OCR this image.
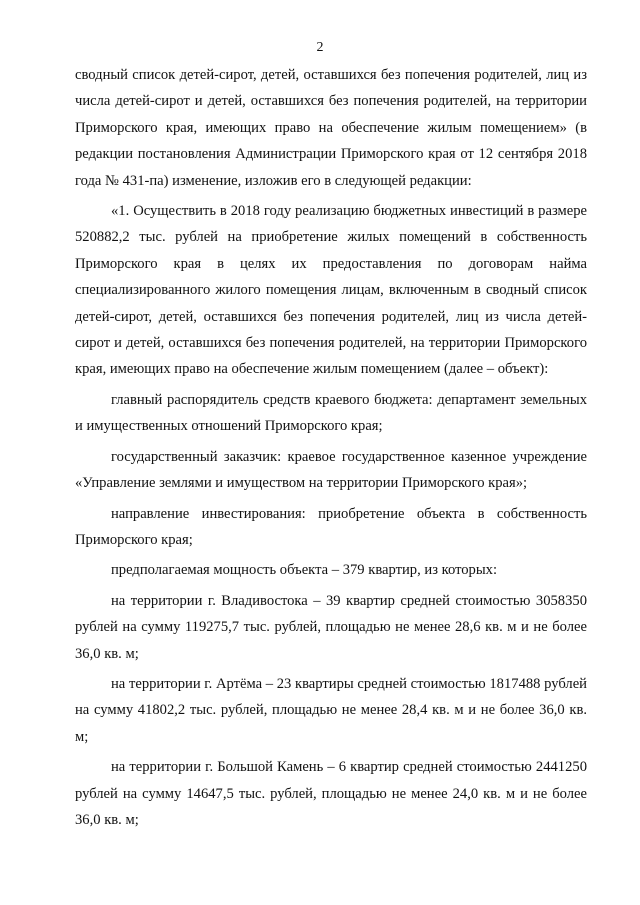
2

сводный список детей-сирот, детей, оставшихся без попечения родителей, лиц из числа детей-сирот и детей, оставшихся без попечения родителей, на территории Приморского края, имеющих право на обеспечение жилым помещением» (в редакции постановления Администрации Приморского края от 12 сентября 2018 года № 431-па) изменение, изложив его в следующей редакции:

«1. Осуществить в 2018 году реализацию бюджетных инвестиций в размере 520882,2 тыс. рублей на приобретение жилых помещений в собственность Приморского края в целях их предоставления по договорам найма специализированного жилого помещения лицам, включенным в сводный список детей-сирот, детей, оставшихся без попечения родителей, лиц из числа детей-сирот и детей, оставшихся без попечения родителей, на территории Приморского края, имеющих право на обеспечение жилым помещением (далее – объект):

главный распорядитель средств краевого бюджета: департамент земельных и имущественных отношений Приморского края;

государственный заказчик: краевое государственное казенное учреждение «Управление землями и имуществом на территории Приморского края»;

направление инвестирования: приобретение объекта в собственность Приморского края;

предполагаемая мощность объекта – 379 квартир, из которых:

на территории г. Владивостока – 39 квартир средней стоимостью 3058350 рублей на сумму 119275,7 тыс. рублей, площадью не менее 28,6 кв. м и не более 36,0 кв. м;

на территории г. Артёма – 23 квартиры средней стоимостью 1817488 рублей на сумму 41802,2 тыс. рублей, площадью не менее 28,4 кв. м и не более 36,0 кв. м;

на территории г. Большой Камень – 6 квартир средней стоимостью 2441250 рублей на сумму 14647,5 тыс. рублей, площадью не менее 24,0 кв. м и не более 36,0 кв. м;
